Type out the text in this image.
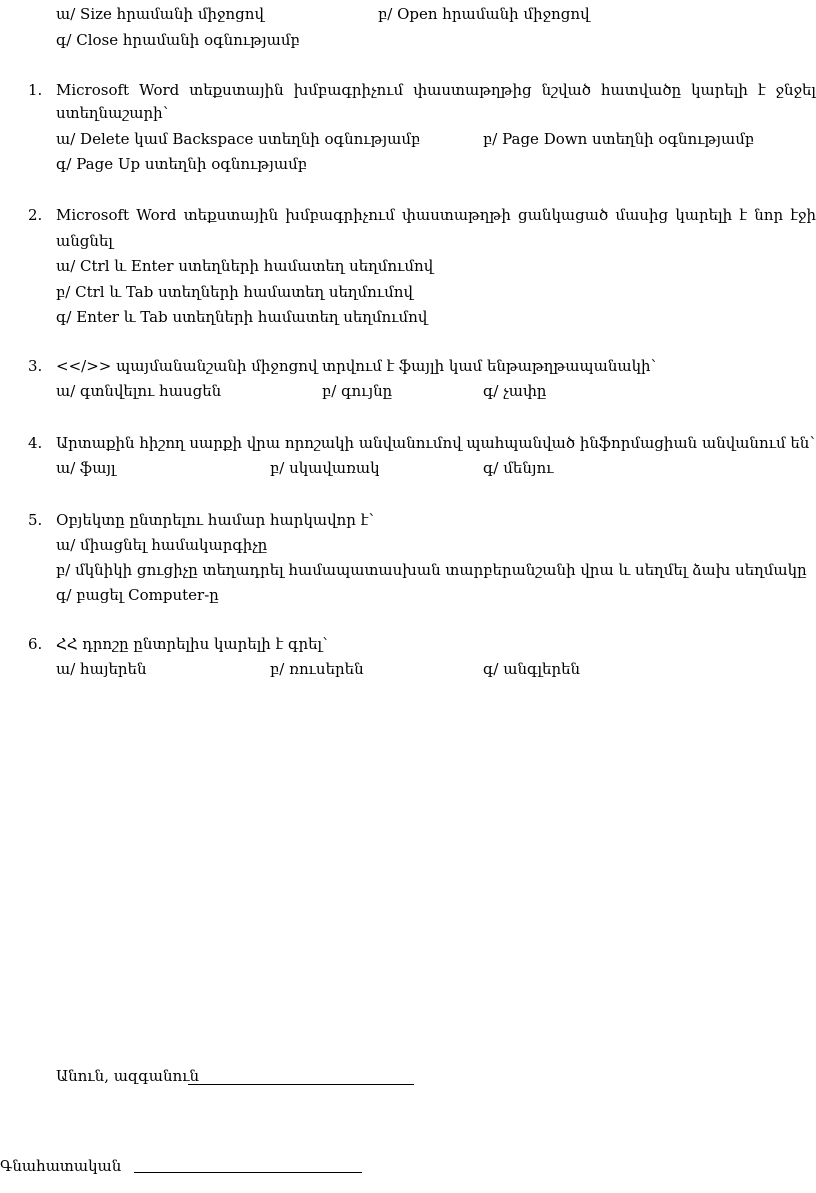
ա/ Size հրամանի միջոցով	բ/ Open հրամանի միջոցով
գ/ Close հրամանի օգնությամբ
1. Microsoft Word տեքստային խմբագրիչում փաստաթղթից նշված հատվածը կարելի է ջնջել
ստեղնաշարի՝
ա/ Delete կամ Backspace ստեղնի օգնությամբ	բ/ Page Down ստեղնի օգնությամբ
գ/ Page Up ստեղնի օգնությամբ
2. Microsoft Word տեքստային խմբագրիչում փաստաթղթի ցանկացած մասից կարելի է նոր էջի
անցնել
ա/ Ctrl և Enter ստեղների համատեղ սեղմումով
բ/ Ctrl և Tab ստեղների համատեղ սեղմումով
գ/ Enter և Tab ստեղների համատեղ սեղմումով
3. <</>> պայմանանշանի միջոցով տրվում է ֆայլի կամ ենթաթղթապանակի՝
ա/ գտնվելու հասցեն	բ/ գույնը	գ/ չափը
4. Արտաքին հիշող սարքի վրա որոշակի անվանումով պահպանված ինֆորմացիան անվանում են՝
ա/ ֆայլ	բ/ սկավառակ	գ/ մենյու
5. Օբյեկտը ընտրելու համար հարկավոր է՝
ա/ միացնել համակարգիչը
բ/ մկնիկի ցուցիչը տեղադրել համապատասխան տարբերանշանի վրա և սեղմել ձախ սեղմակը
գ/ բացել Computer-ը
6. ՀՀ դրոշը ընտրելիս կարելի է գրել՝
ա/ հայերեն	բ/ ռուսերեն	գ/ անգլերեն
Անուն, ազգանուն
Գնահատական
